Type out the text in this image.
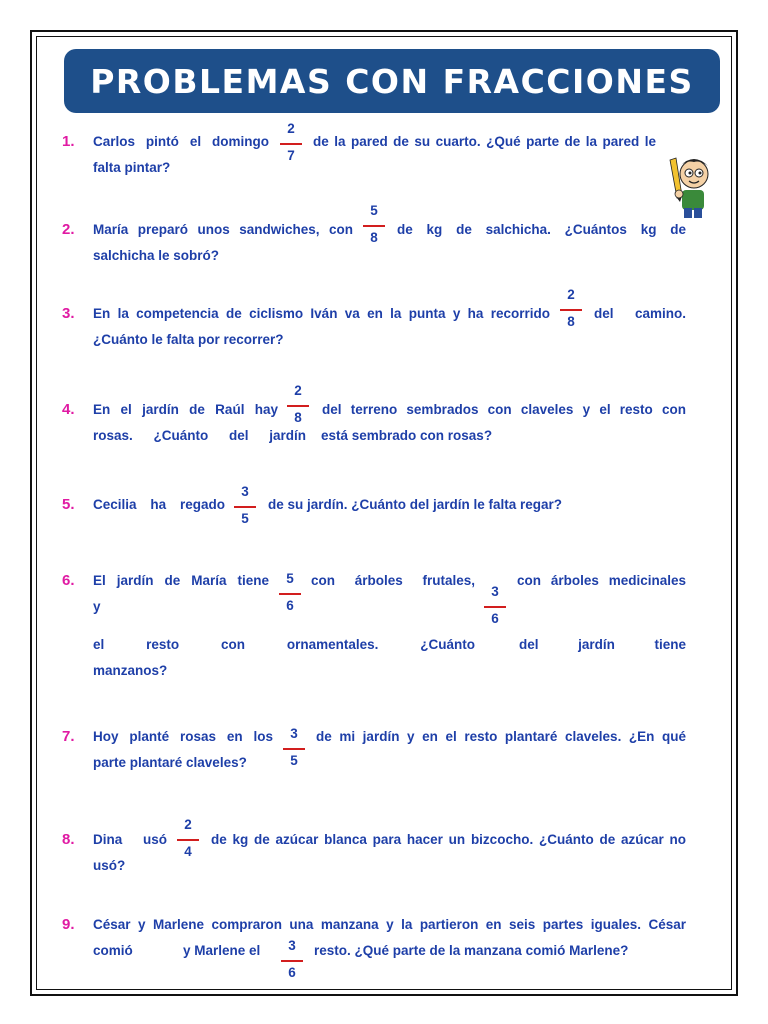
PROBLEMAS CON FRACCIONES
1. Carlos pintó el domingo
2
7
de la pared de su cuarto. ¿Qué parte de la pared le
falta pintar?
2. María preparó unos sandwiches, con
5
8
de kg de salchicha. ¿Cuántos kg de
salchicha le sobró?
3. En la competencia de ciclismo Iván va en la punta y ha recorrido
2
8
del camino.
¿Cuánto le falta por recorrer?
4. En el jardín de Raúl hay
2
8
del terreno sembrados con claveles y el resto con
rosas. ¿Cuánto del jardín está sembrado con rosas?
5. Cecilia ha regado
3
5
de su jardín. ¿Cuánto del jardín le falta regar?
6. El jardín de María tiene	5
6
con árboles frutales,
3
6
con árboles medicinales
y
el resto con ornamentales. ¿Cuánto	del jardín tiene
manzanos?
7. Hoy planté rosas en los	3
5
de mi jardín y en el resto plantaré claveles. ¿En qué
parte plantaré claveles?
8. Dina usó
2
4
de kg de azúcar blanca para hacer un bizcocho. ¿Cuánto de azúcar no
usó?
9. César y Marlene compraron una manzana y la partieron en seis partes iguales. César
comió	y Marlene el	3
6
resto. ¿Qué parte de la manzana comió Marlene?
